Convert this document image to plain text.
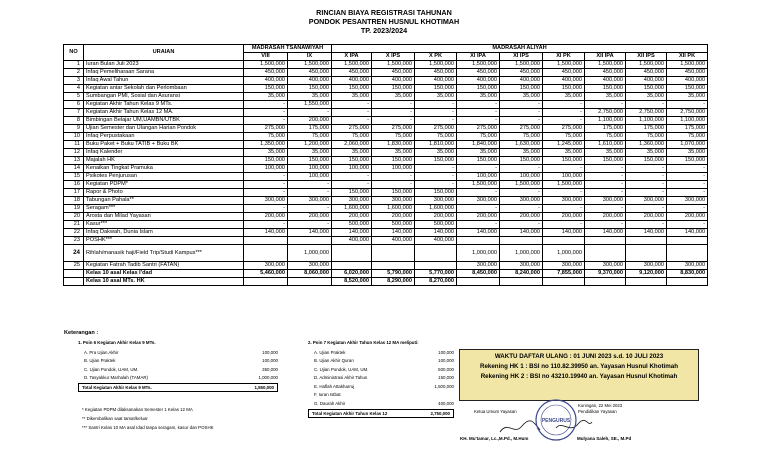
RINCIAN BIAYA REGISTRASI TAHUNAN
PONDOK PESANTREN HUSNUL KHOTIMAH
TP. 2023/2024
NO	URAIAN	MADRASAH TSANAWIYAH		MADRASAH ALIYAH								
		VIII	IX	X IPA	X IPS	X PK	XI IPA	XI IPS	XI PK	XII IPA	XII IPS	XII PK
1	Iuran Bulan Juli 2023	1,500,000	1,500,000	1,500,000	1,500,000	1,500,000	1,500,000	1,500,000	1,500,000	1,500,000	1,500,000	1,500,000
2	Infaq Pemeliharaan Sarana	450,000	450,000	450,000	450,000	450,000	450,000	450,000	450,000	450,000	450,000	450,000
3	Infaq Awal Tahun	400,000	400,000	400,000	400,000	400,000	400,000	400,000	400,000	400,000	400,000	400,000
4	Kegiatan antar Sekolah dan Perlombaan	150,000	150,000	150,000	150,000	150,000	150,000	150,000	150,000	150,000	150,000	150,000
5	Sumbangan PMI, Sosial dan Asuransi	35,000	35,000	35,000	35,000	35,000	35,000	35,000	35,000	35,000	35,000	35,000
6	Kegiatan Akhir Tahun Kelas 9 MTs.	-	1,550,000	-	-	-	-	-	-	-	-	-
7	Kegiatan Akhir Tahun Kelas 12 MA.	-	-	-	-	-	-	-	-	2,750,000	2,750,000	2,750,000
8	Bimbingan Belajar UM,UAMBN/UTBK	-	200,000	-	-	-	-	-	-	1,100,000	1,100,000	1,100,000
9	Ujian Semester dan Ulangan Harian Pondok	275,000	175,000	275,000	275,000	275,000	275,000	275,000	275,000	175,000	175,000	175,000
10	Infaq Perpustakaan	75,000	75,000	75,000	75,000	75,000	75,000	75,000	75,000	75,000	75,000	75,000
11	Buku Paket + Buku TATIB + Buku BK	1,350,000	1,200,000	2,060,000	1,830,000	1,810,000	1,840,000	1,630,000	1,245,000	1,610,000	1,360,000	1,070,000
12	Infaq Kalender	35,000	35,000	35,000	35,000	35,000	35,000	35,000	35,000	35,000	35,000	35,000
13	Majalah HK	150,000	150,000	150,000	150,000	150,000	150,000	150,000	150,000	150,000	150,000	150,000
14	Kenaikan Tingkat Pramuka	100,000	100,000	100,000	100,000	-	-	-	-	-	-	-
15	Psikotes Penjurusan	-	100,000	-	-	-	100,000	100,000	100,000	-	-	-
16	Kegiatan PDPM*	-	-	-	-	-	1,500,000	1,500,000	1,500,000	-	-	-
17	Rapor & Photo	-	-	150,000	150,000	150,000	-	-	-	-	-	-
18	Tabungan Pahala**	300,000	300,000	300,000	300,000	300,000	300,000	300,000	300,000	300,000	300,000	300,000
19	Seragam***	-	-	1,600,000	1,600,000	1,600,000	-	-	-	-	-	-
20	Arosta dan Milad Yayasan	200,000	200,000	200,000	200,000	200,000	200,000	200,000	200,000	200,000	200,000	200,000
21	Kasur***	-	-	500,000	500,000	500,000	-	-	-	-	-	-
22	Infaq Dakwah, Dunia Islam	140,000	140,000	140,000	140,000	140,000	140,000	140,000	140,000	140,000	140,000	140,000
23	POSHK***			400,000	400,000	400,000						
24	Rihlah/manasik haji/Field Trip/Studi Kampus***		1,000,000				1,000,000	1,000,000	1,000,000			
25	Kegiatan Fatrah Tadib Santri (FATAN)	300,000	300,000				300,000	300,000	300,000	300,000	300,000	300,000
	Kelas 10 asal Kelas I'dad	5,460,000	8,060,000	6,020,000	5,790,000	5,770,000	8,450,000	8,240,000	7,855,000	9,370,000	9,120,000	8,830,000
	Kelas 10 asal MTs. HK			8,520,000	8,290,000	8,270,000						
Keterangan :
1. Poin 6 Kegiatan Akhir Kelas 9 MTs.
A. Pra Ujian Akhir	100,000
B. Ujian Praktek	100,000
C. Ujian Pondok, UAM, UM.	350,000
D. Tasyakkur Marhalah (TAMAR)	1,000,000
Total Kegiatan Akhir Kelas 9 MTs.	1,550,000
2. Poin 7 Kegiatan Akhir Tahun Kelas 12 MA meliputi:
A. Ujian Praktek	100,000
B. Ujian Akhir Quran	100,000
C. Ujian Pondok, UAM, UM.	500,000
D. Administrasi Akhir Tahun	150,000
E. Haflah Attakharruj	1,500,000
F. Iuran Istbat
G. Daurah Akhir	400,000
Total Kegiatan Akhir Tahun Kelas 12	2,750,000
* Kegiatan PDPM dilaksanakan Semester 1 Kelas 12 MA
** Dikembalikan saat tamat/keluar
*** Santri Kelas 10 MA asal Idad tanpa seragam, kasur dan POSHK
WAKTU DAFTAR ULANG : 01 JUNI 2023 s.d. 10 JULI 2023
Rekening HK 1 : BSI no 110.82.39950 an. Yayasan Husnul Khotimah
Rekening HK 2 : BSI no 43210.19940 an. Yayasan Husnul Khotimah
Kuningan, 22 Mei 2023
Ketua Umum Yayasan	Pendidikan Yayasan
PENGURUS
KH. Mu'tamar, Lc.,M.Pd., M.Hum	Mulyana Saleh, SE., M.Pd
